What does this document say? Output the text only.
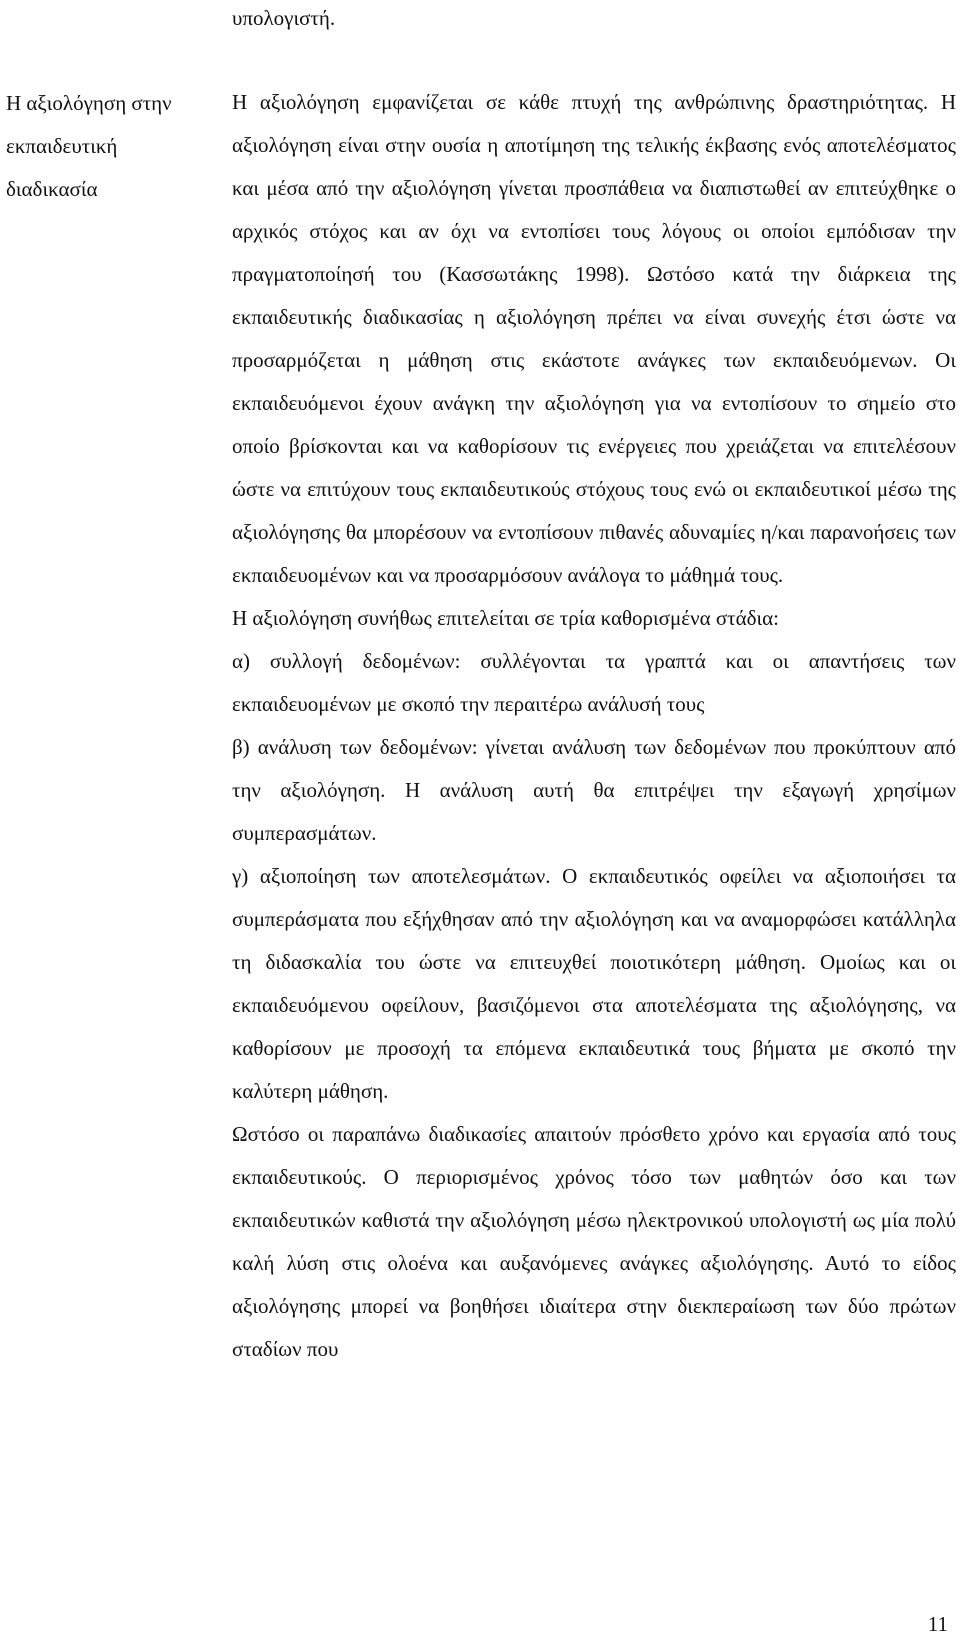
υπολογιστή.

Η αξιολόγηση στην εκπαιδευτική διαδικασία

Η αξιολόγηση εμφανίζεται σε κάθε πτυχή της ανθρώπινης δραστηριότητας. Η αξιολόγηση είναι στην ουσία η αποτίμηση της τελικής έκβασης ενός αποτελέσματος και μέσα από την αξιολόγηση γίνεται προσπάθεια να διαπιστωθεί αν επιτεύχθηκε ο αρχικός στόχος και αν όχι να εντοπίσει τους λόγους οι οποίοι εμπόδισαν την πραγματοποίησή του (Κασσωτάκης 1998). Ωστόσο κατά την διάρκεια της εκπαιδευτικής διαδικασίας η αξιολόγηση πρέπει να είναι συνεχής έτσι ώστε να προσαρμόζεται η μάθηση στις εκάστοτε ανάγκες των εκπαιδευόμενων. Οι εκπαιδευόμενοι έχουν ανάγκη την αξιολόγηση για να εντοπίσουν το σημείο στο οποίο βρίσκονται και να καθορίσουν τις ενέργειες που χρειάζεται να επιτελέσουν ώστε να επιτύχουν τους εκπαιδευτικούς στόχους τους ενώ οι εκπαιδευτικοί μέσω της αξιολόγησης θα μπορέσουν να εντοπίσουν πιθανές αδυναμίες η/και παρανοήσεις των εκπαιδευομένων και να προσαρμόσουν ανάλογα το μάθημά τους.

Η αξιολόγηση συνήθως επιτελείται σε τρία καθορισμένα στάδια:

α) συλλογή δεδομένων: συλλέγονται τα γραπτά και οι απαντήσεις των εκπαιδευομένων με σκοπό την περαιτέρω ανάλυσή τους

β) ανάλυση των δεδομένων: γίνεται ανάλυση των δεδομένων που προκύπτουν από την αξιολόγηση. Η ανάλυση αυτή θα επιτρέψει την εξαγωγή χρησίμων συμπερασμάτων.

γ) αξιοποίηση των αποτελεσμάτων. Ο εκπαιδευτικός οφείλει να αξιοποιήσει τα συμπεράσματα που εξήχθησαν από την αξιολόγηση και να αναμορφώσει κατάλληλα τη διδασκαλία του ώστε να επιτευχθεί ποιοτικότερη μάθηση. Ομοίως και οι εκπαιδευόμενου οφείλουν, βασιζόμενοι στα αποτελέσματα της αξιολόγησης, να καθορίσουν με προσοχή τα επόμενα εκπαιδευτικά τους βήματα με σκοπό την καλύτερη μάθηση.

Ωστόσο οι παραπάνω διαδικασίες απαιτούν πρόσθετο χρόνο και εργασία από τους εκπαιδευτικούς. Ο περιορισμένος χρόνος τόσο των μαθητών όσο και των εκπαιδευτικών καθιστά την αξιολόγηση μέσω ηλεκτρονικού υπολογιστή ως μία πολύ καλή λύση στις ολοένα και αυξανόμενες ανάγκες αξιολόγησης. Αυτό το είδος αξιολόγησης μπορεί να βοηθήσει ιδιαίτερα στην διεκπεραίωση των δύο πρώτων σταδίων που

11
